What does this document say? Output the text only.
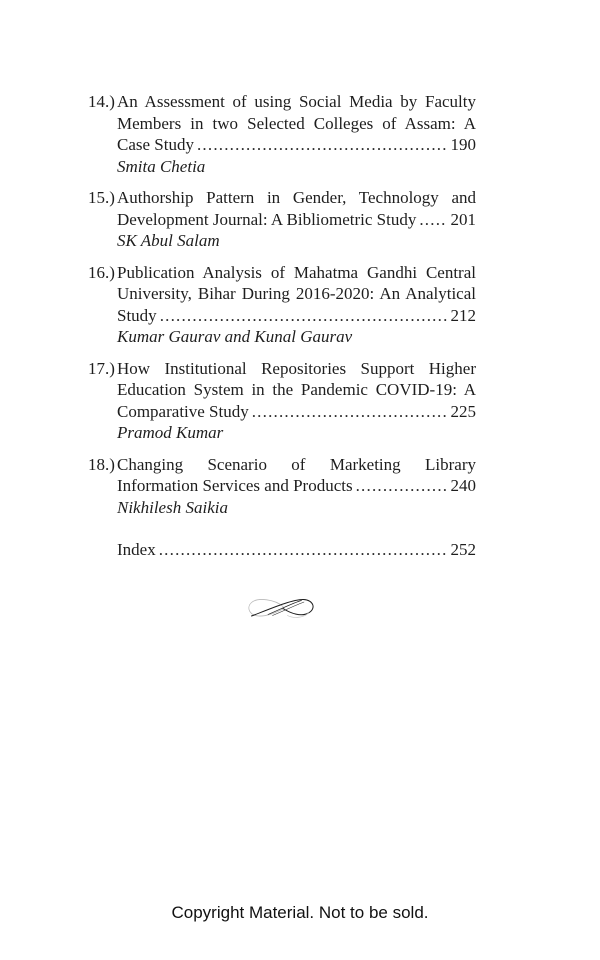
14.) An Assessment of using Social Media by Faculty
Members in two Selected Colleges of Assam: A
Case Study .....	190
Smita Chetia
15.) Authorship Pattern in Gender, Technology and
Development Journal: A Bibliometric Study ..... 201
SK Abul Salam
16.) Publication Analysis of Mahatma Gandhi Central
University, Bihar During 2016-2020: An Analytical
Study .....	212
Kumar Gaurav and Kunal Gaurav
17.) How Institutional Repositories Support Higher
Education System in the Pandemic COVID-19: A
Comparative Study .....	225
Pramod Kumar
18.) Changing Scenario of Marketing Library
Information Services and Products .....	240
Nikhilesh Saikia
Index .....	252
Copyright Material. Not to be sold.
